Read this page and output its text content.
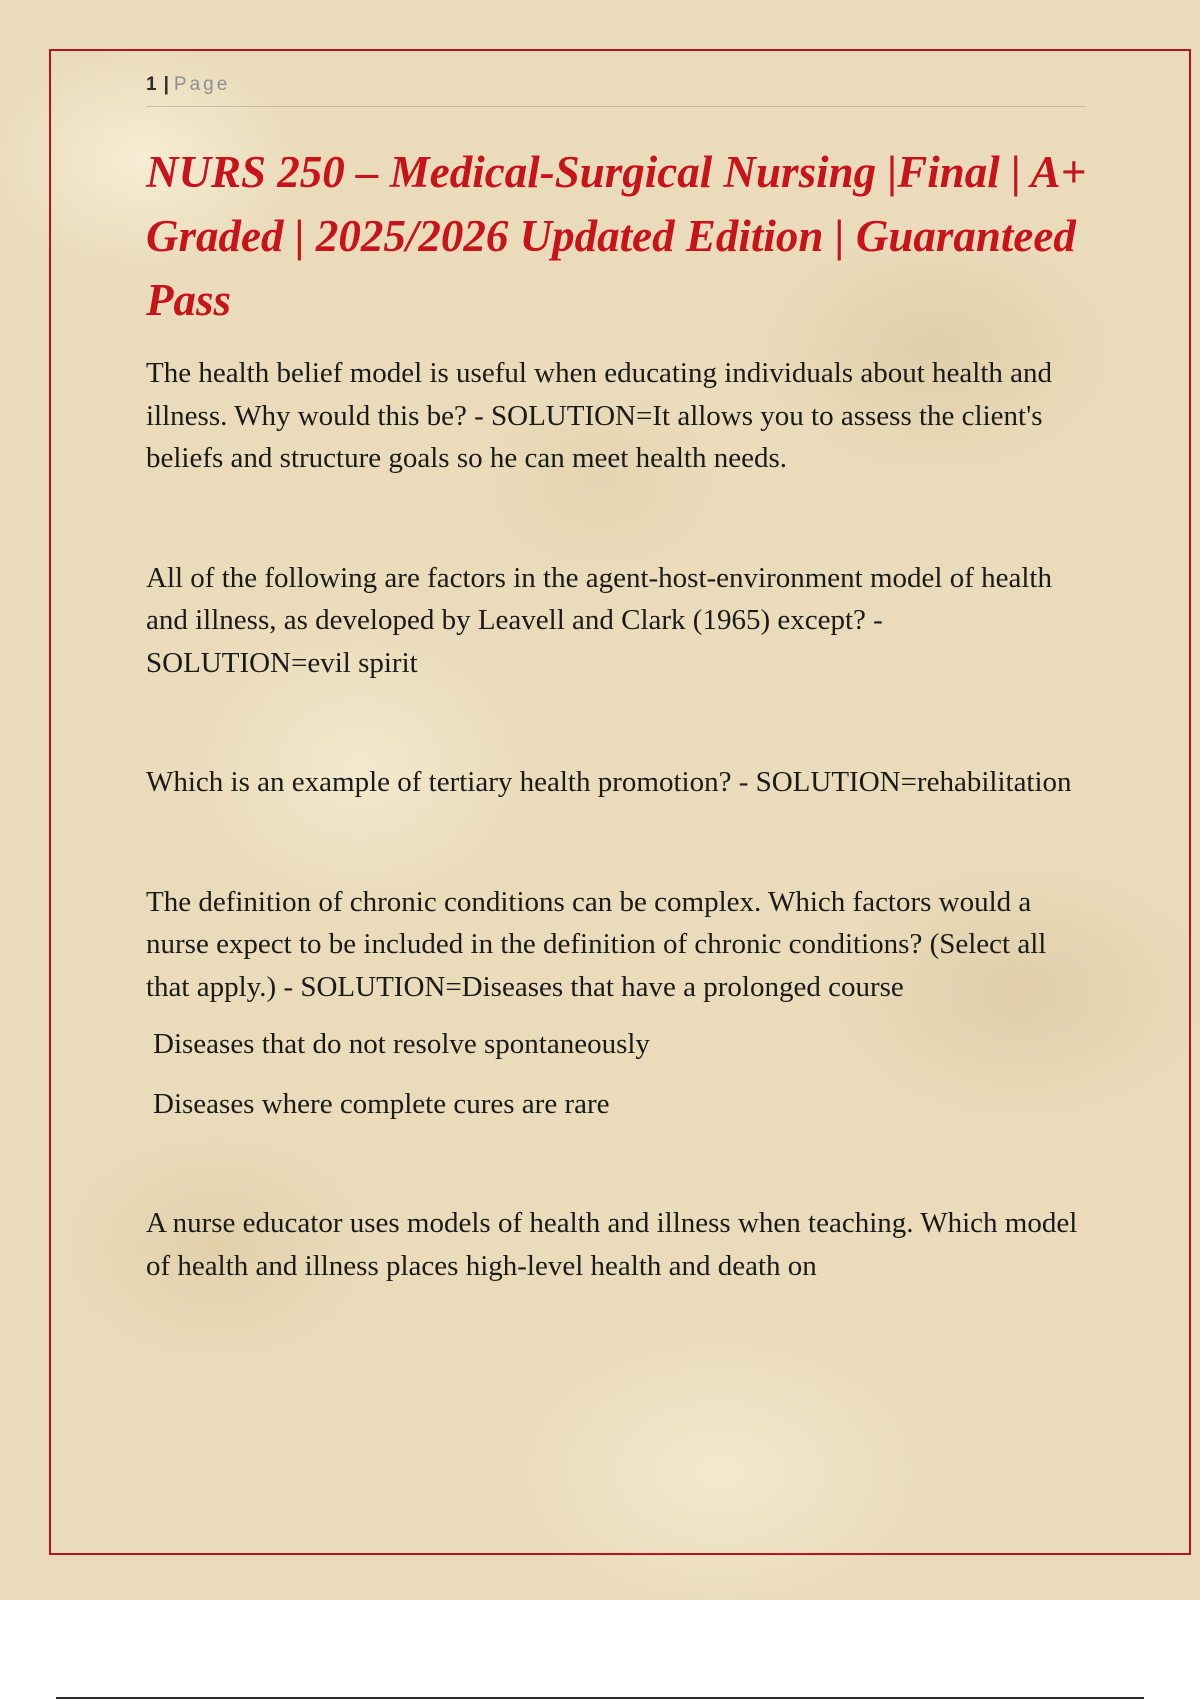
1 | Page
NURS 250 – Medical-Surgical Nursing |Final | A+ Graded | 2025/2026 Updated Edition | Guaranteed Pass

The health belief model is useful when educating individuals about health and illness. Why would this be? - SOLUTION=It allows you to assess the client's beliefs and structure goals so he can meet health needs.

All of the following are factors in the agent-host-environment model of health and illness, as developed by Leavell and Clark (1965) except? - SOLUTION=evil spirit

Which is an example of tertiary health promotion? - SOLUTION=rehabilitation

The definition of chronic conditions can be complex. Which factors would a nurse expect to be included in the definition of chronic conditions? (Select all that apply.) - SOLUTION=Diseases that have a prolonged course

Diseases that do not resolve spontaneously

Diseases where complete cures are rare

A nurse educator uses models of health and illness when teaching. Which model of health and illness places high-level health and death on
